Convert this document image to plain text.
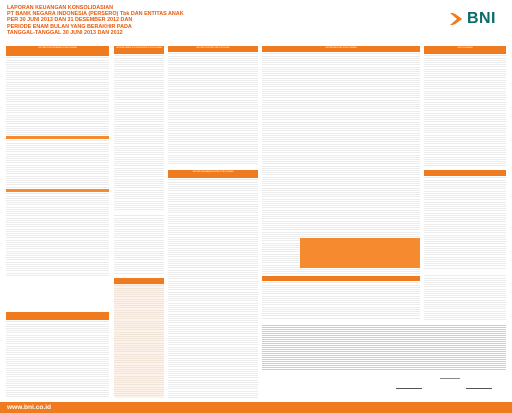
LAPORAN KEUANGAN KONSOLIDASIAN
PT BANK NEGARA INDONESIA (PERSERO) Tbk DAN ENTITAS ANAK
PER 30 JUNI 2013 DAN 31 DESEMBER 2012 DAN
PERIODE ENAM BULAN YANG BERAKHIR PADA
TANGGAL-TANGGAL 30 JUNI 2013 DAN 2012
BNI
LAPORAN POSISI KEUANGAN KONSOLIDASIAN	LAPORAN LABA RUGI KOMPREHENSIF KONSOLIDASIAN	LAPORAN KOMITMEN DAN KONTINJENSI
LAPORAN PERUBAHAN EKUITAS KONSOLIDASIAN
LAPORAN ARUS KAS KONSOLIDASIAN	RASIO KEUANGAN
www.bni.co.id
